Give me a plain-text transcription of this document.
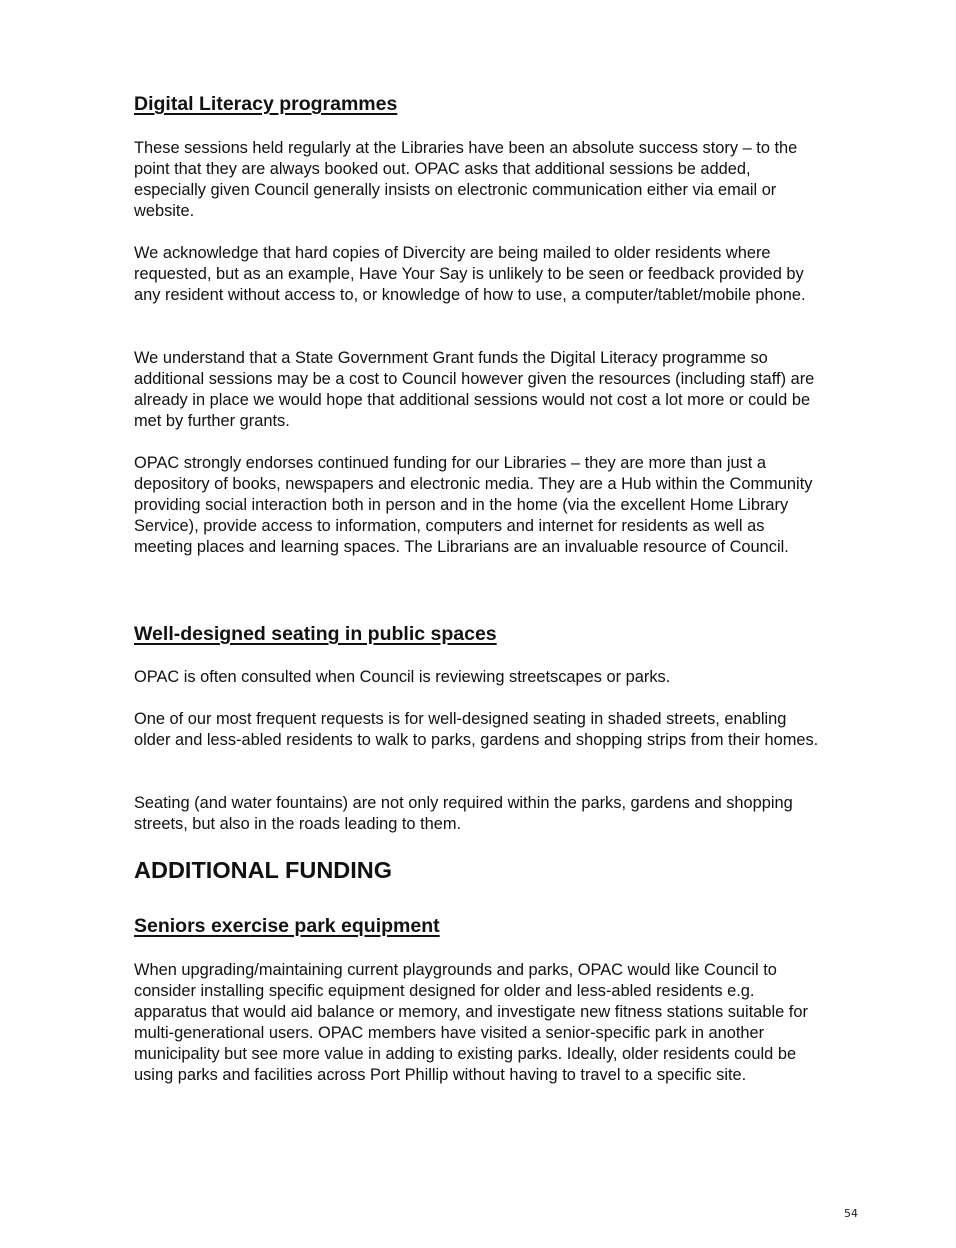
Digital Literacy programmes

These sessions held regularly at the Libraries have been an absolute success story – to the point that they are always booked out. OPAC asks that additional sessions be added, especially given Council generally insists on electronic communication either via email or website.

We acknowledge that hard copies of Divercity are being mailed to older residents where requested, but as an example, Have Your Say is unlikely to be seen or feedback provided by any resident without access to, or knowledge of how to use, a computer/tablet/mobile phone.

We understand that a State Government Grant funds the Digital Literacy programme so additional sessions may be a cost to Council however given the resources (including staff) are already in place we would hope that additional sessions would not cost a lot more or could be met by further grants.

OPAC strongly endorses continued funding for our Libraries – they are more than just a depository of books, newspapers and electronic media. They are a Hub within the Community providing social interaction both in person and in the home (via the excellent Home Library Service), provide access to information, computers and internet for residents as well as meeting places and learning spaces. The Librarians are an invaluable resource of Council.

Well-designed seating in public spaces

OPAC is often consulted when Council is reviewing streetscapes or parks.

One of our most frequent requests is for well-designed seating in shaded streets, enabling older and less-abled residents to walk to parks, gardens and shopping strips from their homes.

Seating (and water fountains) are not only required within the parks, gardens and shopping streets, but also in the roads leading to them.

ADDITIONAL FUNDING
Seniors exercise park equipment

When upgrading/maintaining current playgrounds and parks, OPAC would like Council to consider installing specific equipment designed for older and less-abled residents e.g. apparatus that would aid balance or memory, and investigate new fitness stations suitable for multi-generational users. OPAC members have visited a senior-specific park in another municipality but see more value in adding to existing parks. Ideally, older residents could be using parks and facilities across Port Phillip without having to travel to a specific site.

54
